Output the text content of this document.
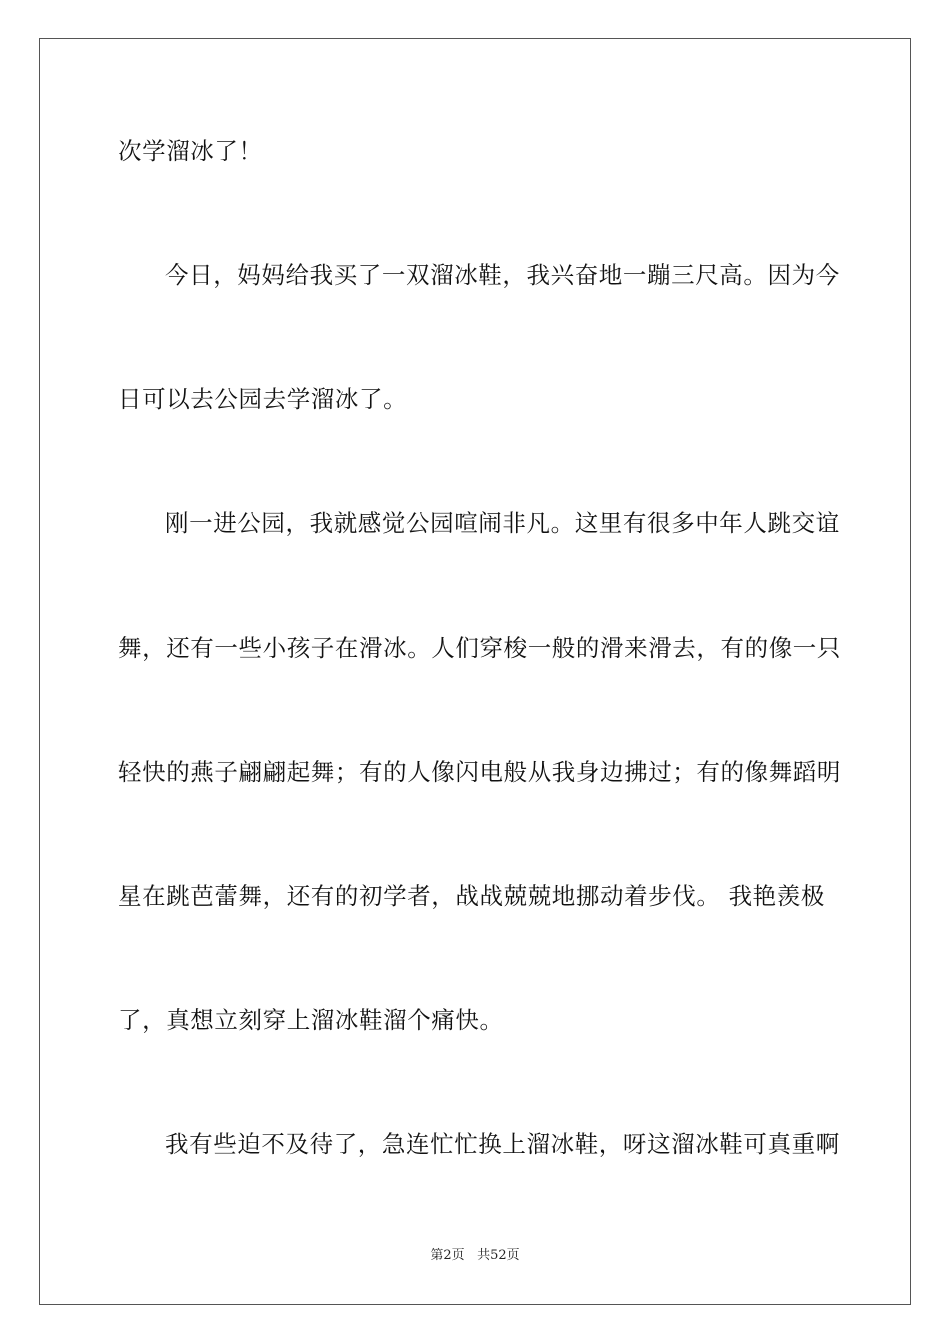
次学溜冰了！
今日，妈妈给我买了一双溜冰鞋，我兴奋地一蹦三尺高。因为今
日可以去公园去学溜冰了。
刚一进公园，我就感觉公园喧闹非凡。这里有很多中年人跳交谊
舞，还有一些小孩子在滑冰。人们穿梭一般的滑来滑去，有的像一只
轻快的燕子翩翩起舞；有的人像闪电般从我身边拂过；有的像舞蹈明
星在跳芭蕾舞，还有的初学者，战战兢兢地挪动着步伐。 我艳羡极
了，真想立刻穿上溜冰鞋溜个痛快。
我有些迫不及待了，急连忙忙换上溜冰鞋，呀这溜冰鞋可真重啊
第2页 共52页
